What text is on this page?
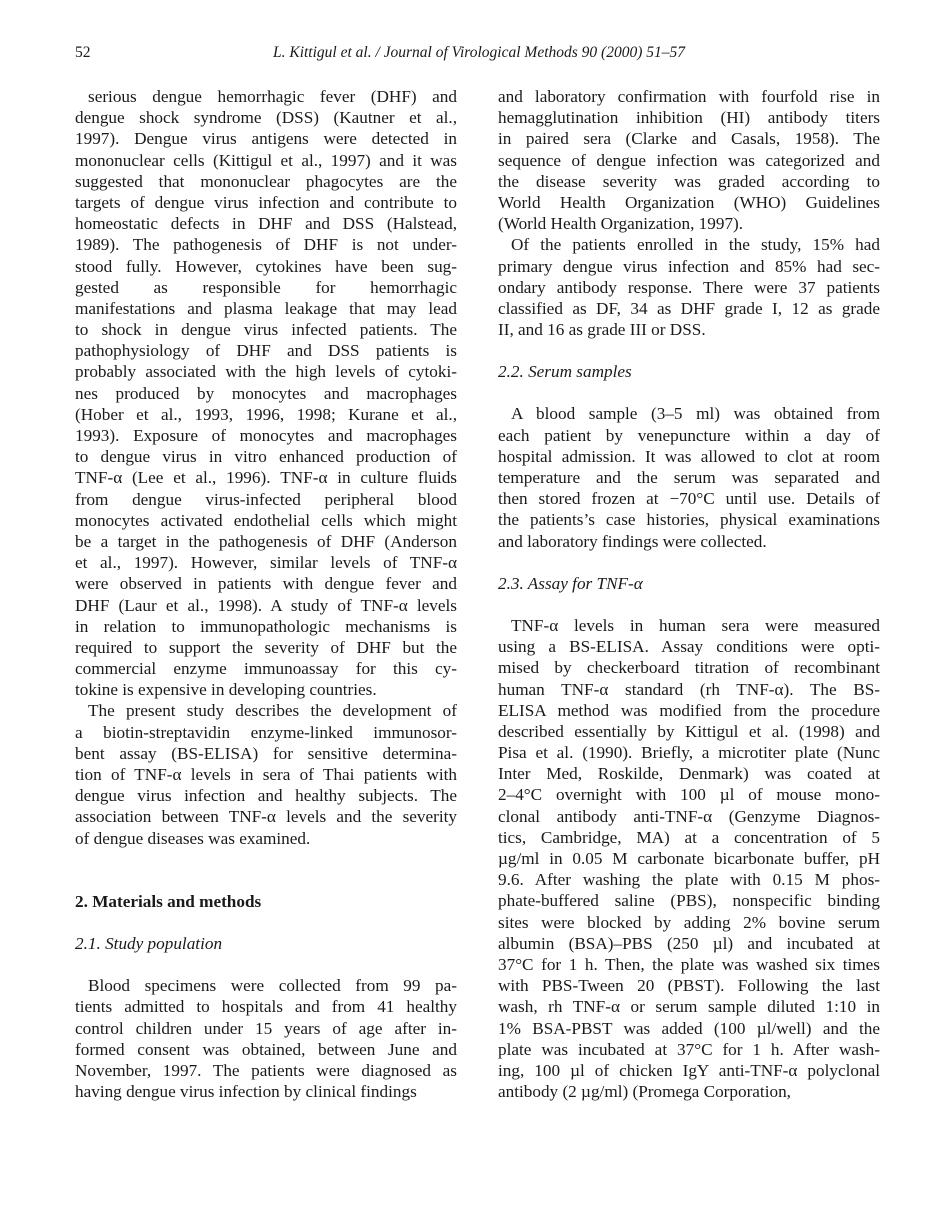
52	L. Kittigul et al. / Journal of Virological Methods 90 (2000) 51–57
serious dengue hemorrhagic fever (DHF) and
dengue shock syndrome (DSS) (Kautner et al.,
1997). Dengue virus antigens were detected in
mononuclear cells (Kittigul et al., 1997) and it was
suggested that mononuclear phagocytes are the
targets of dengue virus infection and contribute to
homeostatic defects in DHF and DSS (Halstead,
1989). The pathogenesis of DHF is not under-
stood fully. However, cytokines have been sug-
gested as responsible for hemorrhagic
manifestations and plasma leakage that may lead
to shock in dengue virus infected patients. The
pathophysiology of DHF and DSS patients is
probably associated with the high levels of cytoki-
nes produced by monocytes and macrophages
(Hober et al., 1993, 1996, 1998; Kurane et al.,
1993). Exposure of monocytes and macrophages
to dengue virus in vitro enhanced production of
TNF-α (Lee et al., 1996). TNF-α in culture fluids
from dengue virus-infected peripheral blood
monocytes activated endothelial cells which might
be a target in the pathogenesis of DHF (Anderson
et al., 1997). However, similar levels of TNF-α
were observed in patients with dengue fever and
DHF (Laur et al., 1998). A study of TNF-α levels
in relation to immunopathologic mechanisms is
required to support the severity of DHF but the
commercial enzyme immunoassay for this cy-
tokine is expensive in developing countries.
The present study describes the development of
a biotin-streptavidin enzyme-linked immunosor-
bent assay (BS-ELISA) for sensitive determina-
tion of TNF-α levels in sera of Thai patients with
dengue virus infection and healthy subjects. The
association between TNF-α levels and the severity
of dengue diseases was examined.
2. Materials and methods
2.1. Study population
Blood specimens were collected from 99 pa-
tients admitted to hospitals and from 41 healthy
control children under 15 years of age after in-
formed consent was obtained, between June and
November, 1997. The patients were diagnosed as
having dengue virus infection by clinical findings
and laboratory confirmation with fourfold rise in
hemagglutination inhibition (HI) antibody titers
in paired sera (Clarke and Casals, 1958). The
sequence of dengue infection was categorized and
the disease severity was graded according to
World Health Organization (WHO) Guidelines
(World Health Organization, 1997).
Of the patients enrolled in the study, 15% had
primary dengue virus infection and 85% had sec-
ondary antibody response. There were 37 patients
classified as DF, 34 as DHF grade I, 12 as grade
II, and 16 as grade III or DSS.
2.2. Serum samples
A blood sample (3–5 ml) was obtained from
each patient by venepuncture within a day of
hospital admission. It was allowed to clot at room
temperature and the serum was separated and
then stored frozen at −70°C until use. Details of
the patients’s case histories, physical examinations
and laboratory findings were collected.
2.3. Assay for TNF-α
TNF-α levels in human sera were measured
using a BS-ELISA. Assay conditions were opti-
mised by checkerboard titration of recombinant
human TNF-α standard (rh TNF-α). The BS-
ELISA method was modified from the procedure
described essentially by Kittigul et al. (1998) and
Pisa et al. (1990). Briefly, a microtiter plate (Nunc
Inter Med, Roskilde, Denmark) was coated at
2–4°C overnight with 100 µl of mouse mono-
clonal antibody anti-TNF-α (Genzyme Diagnos-
tics, Cambridge, MA) at a concentration of 5
µg/ml in 0.05 M carbonate bicarbonate buffer, pH
9.6. After washing the plate with 0.15 M phos-
phate-buffered saline (PBS), nonspecific binding
sites were blocked by adding 2% bovine serum
albumin (BSA)–PBS (250 µl) and incubated at
37°C for 1 h. Then, the plate was washed six times
with PBS-Tween 20 (PBST). Following the last
wash, rh TNF-α or serum sample diluted 1:10 in
1% BSA-PBST was added (100 µl/well) and the
plate was incubated at 37°C for 1 h. After wash-
ing, 100 µl of chicken IgY anti-TNF-α polyclonal
antibody (2 µg/ml) (Promega Corporation,
